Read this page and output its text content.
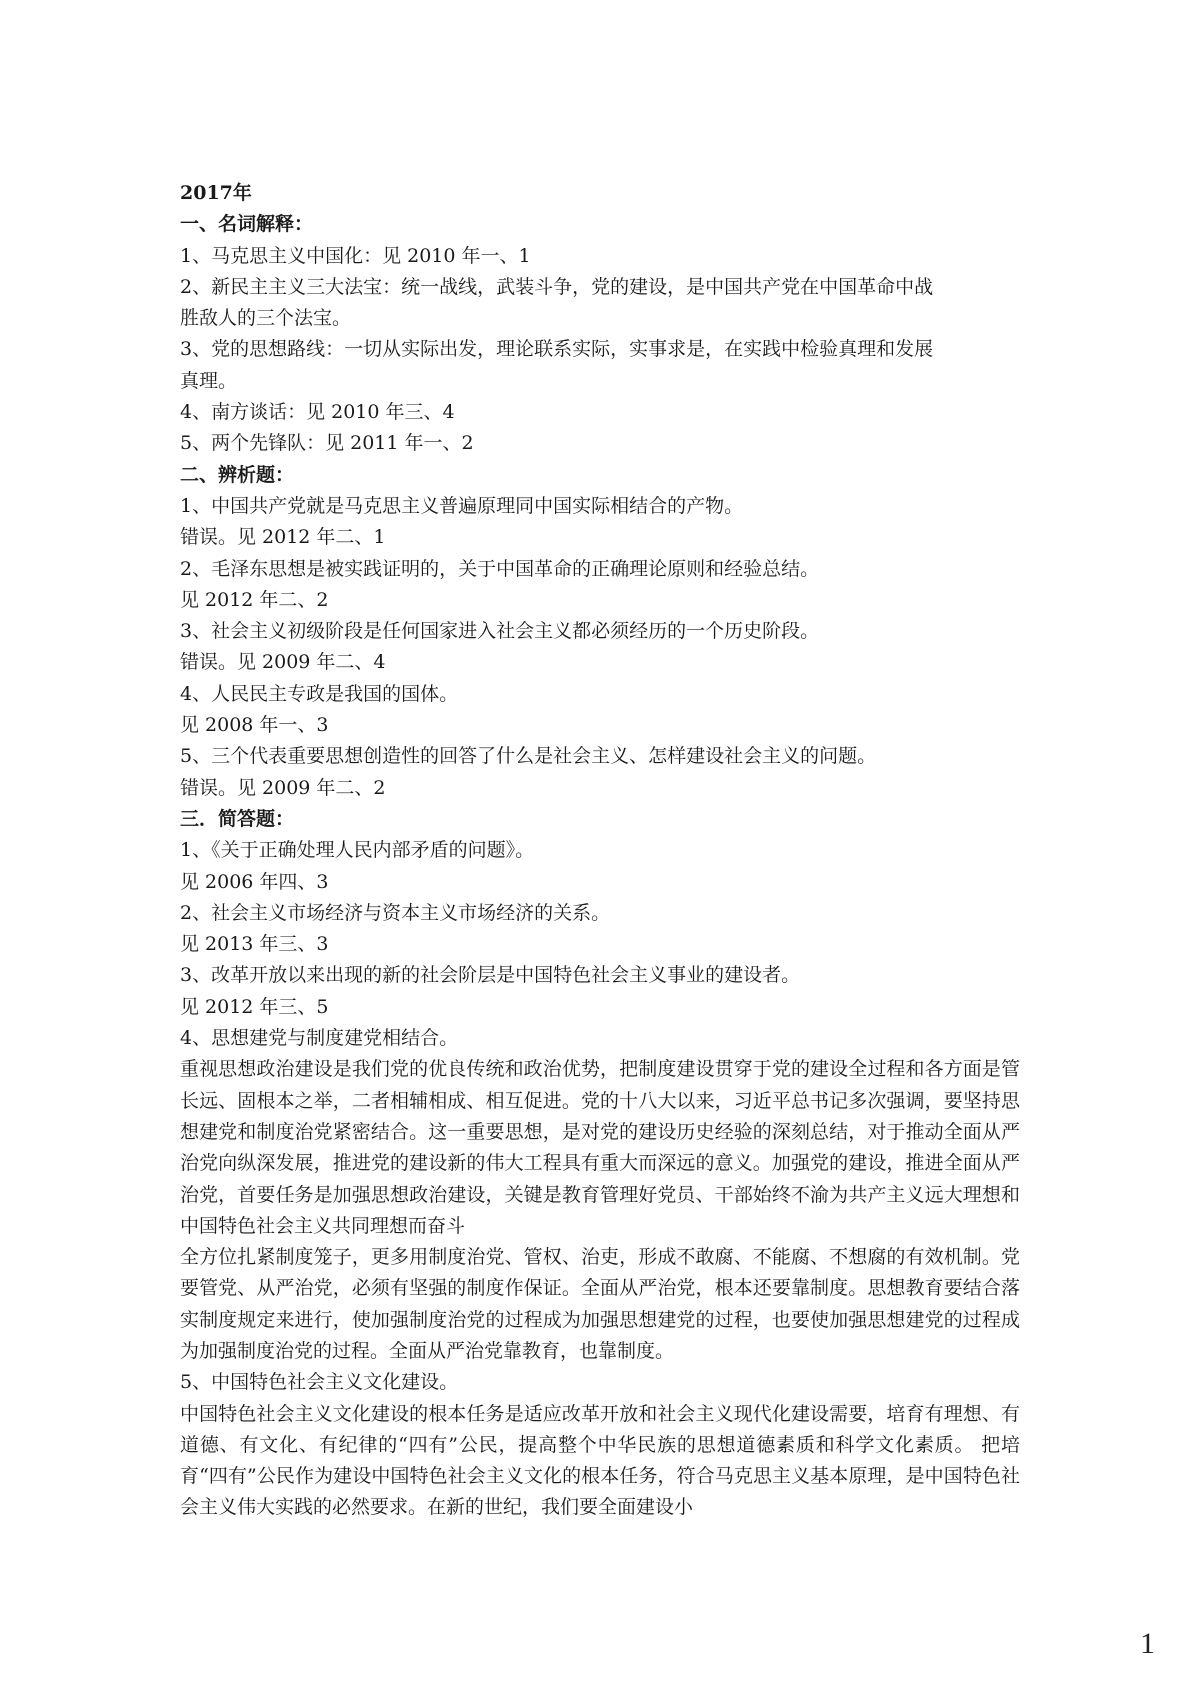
2017年
一、名词解释：
1、马克思主义中国化：见 2010 年一、1
2、新民主主义三大法宝：统一战线，武装斗争，党的建设，是中国共产党在中国革命中战
胜敌人的三个法宝。
3、党的思想路线：一切从实际出发，理论联系实际，实事求是，在实践中检验真理和发展
真理。
4、南方谈话：见 2010 年三、4
5、两个先锋队：见 2011 年一、2
二、辨析题：
1、中国共产党就是马克思主义普遍原理同中国实际相结合的产物。
错误。见 2012 年二、1
2、毛泽东思想是被实践证明的，关于中国革命的正确理论原则和经验总结。
见 2012 年二、2
3、社会主义初级阶段是任何国家进入社会主义都必须经历的一个历史阶段。
错误。见 2009 年二、4
4、人民民主专政是我国的国体。
见 2008 年一、3
5、三个代表重要思想创造性的回答了什么是社会主义、怎样建设社会主义的问题。
错误。见 2009 年二、2
三．简答题：
1、《关于正确处理人民内部矛盾的问题》。
见 2006 年四、3
2、社会主义市场经济与资本主义市场经济的关系。
见 2013 年三、3
3、改革开放以来出现的新的社会阶层是中国特色社会主义事业的建设者。
见 2012 年三、5
4、思想建党与制度建党相结合。
重视思想政治建设是我们党的优良传统和政治优势，把制度建设贯穿于党的建设全过程和各方面是管长远、固根本之举，二者相辅相成、相互促进。党的十八大以来，习近平总书记多次强调，要坚持思想建党和制度治党紧密结合。这一重要思想，是对党的建设历史经验的深刻总结，对于推动全面从严治党向纵深发展，推进党的建设新的伟大工程具有重大而深远的意义。加强党的建设，推进全面从严治党，首要任务是加强思想政治建设，关键是教育管理好党员、干部始终不渝为共产主义远大理想和中国特色社会主义共同理想而奋斗
全方位扎紧制度笼子，更多用制度治党、管权、治吏，形成不敢腐、不能腐、不想腐的有效机制。党要管党、从严治党，必须有坚强的制度作保证。全面从严治党，根本还要靠制度。思想教育要结合落实制度规定来进行，使加强制度治党的过程成为加强思想建党的过程，也要使加强思想建党的过程成为加强制度治党的过程。全面从严治党靠教育，也靠制度。
5、中国特色社会主义文化建设。
中国特色社会主义文化建设的根本任务是适应改革开放和社会主义现代化建设需要，培育有理想、有道德、有文化、有纪律的“四有”公民，提高整个中华民族的思想道德素质和科学文化素质。 把培育“四有”公民作为建设中国特色社会主义文化的根本任务，符合马克思主义基本原理，是中国特色社会主义伟大实践的必然要求。在新的世纪，我们要全面建设小
1
